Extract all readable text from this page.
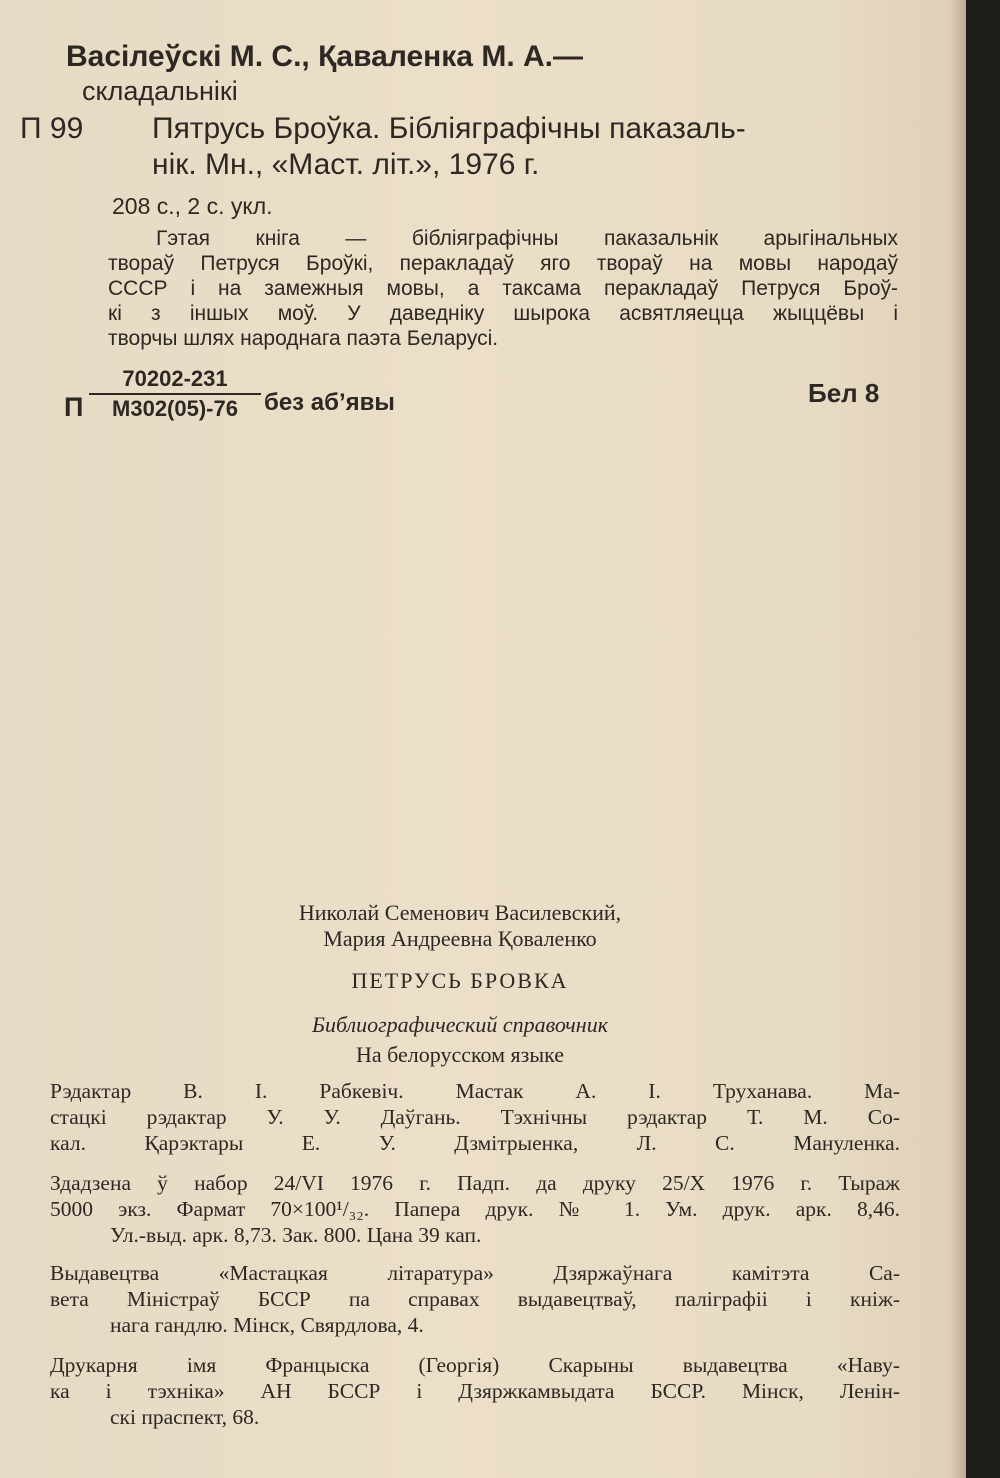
Васілеўскі М. С., Қаваленка М. А.—
складальнікі
П 99 Пятрусь Броўка. Бібліяграфічны паказаль-
нік. Мн., «Маст. літ.», 1976 г.
208 с., 2 с. укл.
Гэтая кніга — бібліяграфічны паказальнік арыгінальных
твораў Петруся Броўкі, перакладаў яго твораў на мовы народаў
СССР і на замежныя мовы, а таксама перакладаў Петруся Броў-
кі з іншых моў. У даведніку шырока асвятляецца жыццёвы і
творчы шлях народнага паэта Беларусі.
П
70202-231
М302(05)-76	без аб’явы	Бел 8
Николай Семенович Василевский,
Мария Андреевна Қоваленко
ПЕТРУСЬ БРОВКА
Библиографический справочник
На белорусском языке
Рэдактар В. І. Рабкевіч. Мастак А. І. Труханава. Ма-
стацкі рэдактар У. У. Даўгань. Тэхнічны рэдактар Т. М. Со-
кал. Қарэктары Е. У. Дзмітрыенка, Л. С. Мануленка.
Здадзена ў набор 24/VI 1976 г. Падп. да друку 25/X 1976 г. Тыраж
5000 экз. Фармат 70×100¹/₃₂. Папера друк. № 1. Ум. друк. арк. 8,46.
Ул.-выд. арк. 8,73. Зак. 800. Цана 39 кап.
Выдавецтва «Мастацкая літаратура» Дзяржаўнага камітэта Са-
вета Міністраў БССР па справах выдавецтваў, паліграфіі і кніж-
нага гандлю. Мінск, Свярдлова, 4.
Друкарня імя Францыска (Георгія) Скарыны выдавецтва «Наву-
ка і тэхніка» АН БССР і Дзяржкамвыдата БССР. Мінск, Ленін-
скі праспект, 68.
